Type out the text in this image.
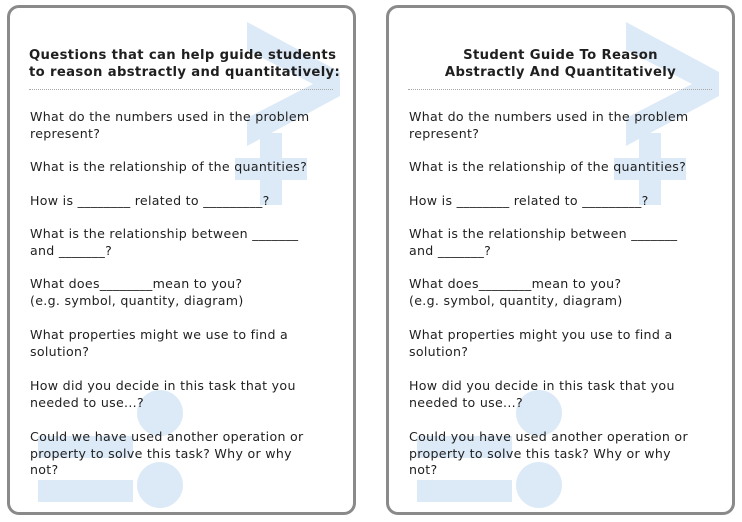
Questions that can help guide students
to reason abstractly and quantitatively:

What do the numbers used in the problem
represent?

What is the relationship of the quantities?

How is ________ related to _________?

What is the relationship between _______
and _______?

What does________mean to you?
(e.g. symbol, quantity, diagram)

What properties might we use to find a
solution?

How did you decide in this task that you
needed to use...?

Could we have used another operation or
property to solve this task? Why or why
not?

Student Guide To Reason
Abstractly And Quantitatively

What do the numbers used in the problem
represent?

What is the relationship of the quantities?

How is ________ related to _________?

What is the relationship between _______
and _______?

What does________mean to you?
(e.g. symbol, quantity, diagram)

What properties might you use to find a
solution?

How did you decide in this task that you
needed to use...?

Could you have used another operation or
property to solve this task? Why or why
not?
